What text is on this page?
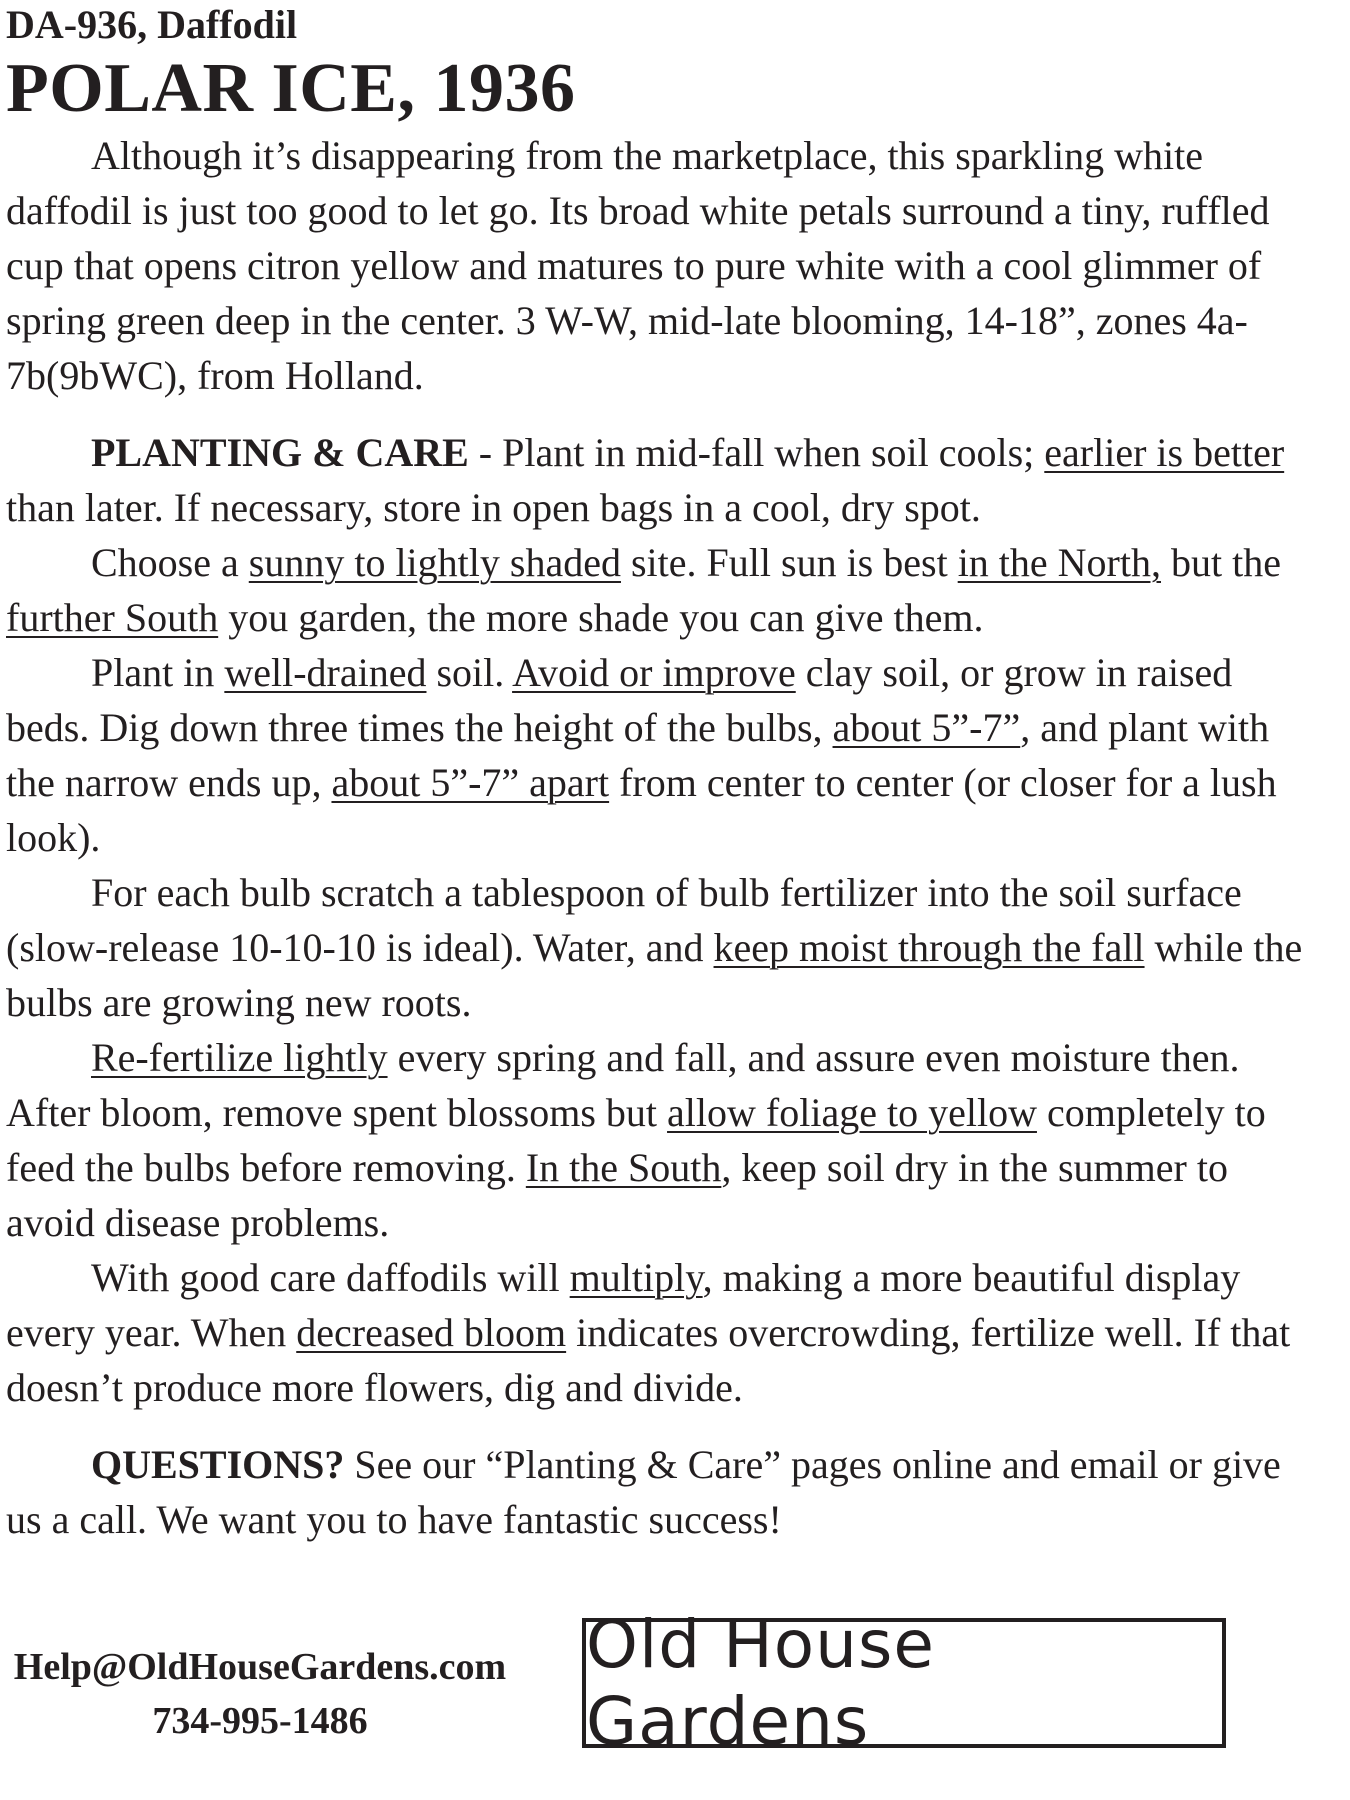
DA-936, Daffodil
POLAR ICE, 1936

Although it’s disappearing from the marketplace, this sparkling white daffodil is just too good to let go. Its broad white petals surround a tiny, ruffled cup that opens citron yellow and matures to pure white with a cool glimmer of spring green deep in the center. 3 W-W, mid-late blooming, 14-18”, zones 4a-7b(9bWC), from Holland.

PLANTING & CARE - Plant in mid-fall when soil cools; earlier is better than later. If necessary, store in open bags in a cool, dry spot.

Choose a sunny to lightly shaded site. Full sun is best in the North, but the further South you garden, the more shade you can give them.

Plant in well-drained soil. Avoid or improve clay soil, or grow in raised beds. Dig down three times the height of the bulbs, about 5”-7”, and plant with the narrow ends up, about 5”-7” apart from center to center (or closer for a lush look).

For each bulb scratch a tablespoon of bulb fertilizer into the soil surface (slow-release 10-10-10 is ideal). Water, and keep moist through the fall while the bulbs are growing new roots.

Re-fertilize lightly every spring and fall, and assure even moisture then. After bloom, remove spent blossoms but allow foliage to yellow completely to feed the bulbs before removing. In the South, keep soil dry in the summer to avoid disease problems.

With good care daffodils will multiply, making a more beautiful display every year. When decreased bloom indicates overcrowding, fertilize well. If that doesn’t produce more flowers, dig and divide.

QUESTIONS? See our “Planting & Care” pages online and email or give us a call. We want you to have fantastic success!

Help@OldHouseGardens.com
734-995-1486
Old House Gardens
